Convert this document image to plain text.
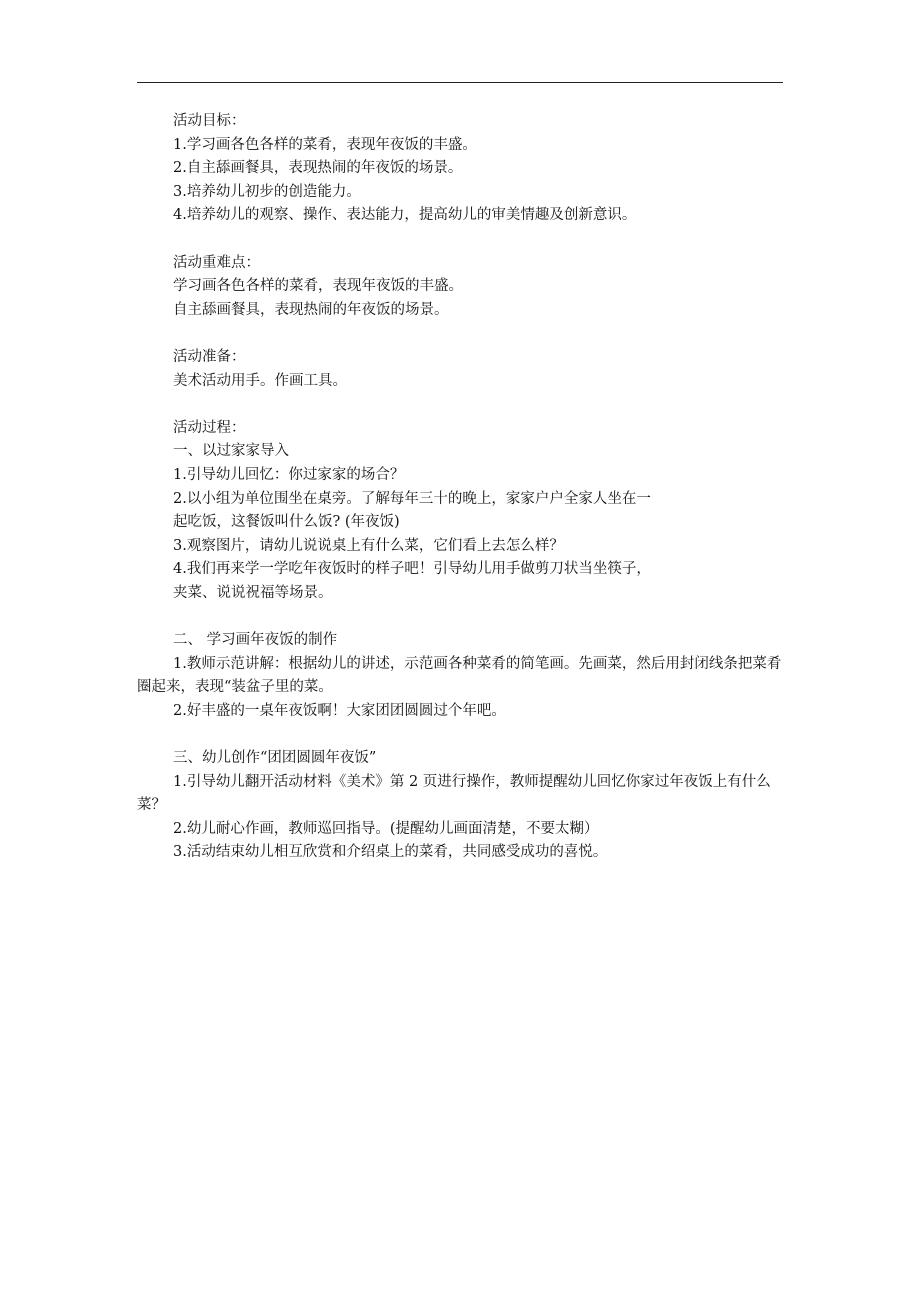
活动目标：

1.学习画各色各样的菜肴，表现年夜饭的丰盛。

2.自主舔画餐具，表现热闹的年夜饭的场景。

3.培养幼儿初步的创造能力。

4.培养幼儿的观察、操作、表达能力，提高幼儿的审美情趣及创新意识。

活动重难点：

学习画各色各样的菜肴，表现年夜饭的丰盛。

自主舔画餐具，表现热闹的年夜饭的场景。

活动准备：

美术活动用手。作画工具。

活动过程：

一、以过家家导入

1.引导幼儿回忆：你过家家的场合？

2.以小组为单位围坐在桌旁。了解每年三十的晚上，家家户户全家人坐在一

起吃饭，这餐饭叫什么饭? (年夜饭)

3.观察图片，请幼儿说说桌上有什么菜，它们看上去怎么样？

4.我们再来学一学吃年夜饭时的样子吧！引导幼儿用手做剪刀状当坐筷子，

夹菜、说说祝福等场景。

二、 学习画年夜饭的制作

1.教师示范讲解：根据幼儿的讲述，示范画各种菜肴的简笔画。先画菜，然后用封闭线条把菜肴圈起来，表现“装盆子里的菜。

2.好丰盛的一桌年夜饭啊！大家团团圆圆过个年吧。

三、幼儿创作“团团圆圆年夜饭”

1.引导幼儿翻开活动材料《美术》第 2 页进行操作，教师提醒幼儿回忆你家过年夜饭上有什么菜？

2.幼儿耐心作画，教师巡回指导。(提醒幼儿画面清楚，不要太糊）

3.活动结束幼儿相互欣赏和介绍桌上的菜肴，共同感受成功的喜悦。
